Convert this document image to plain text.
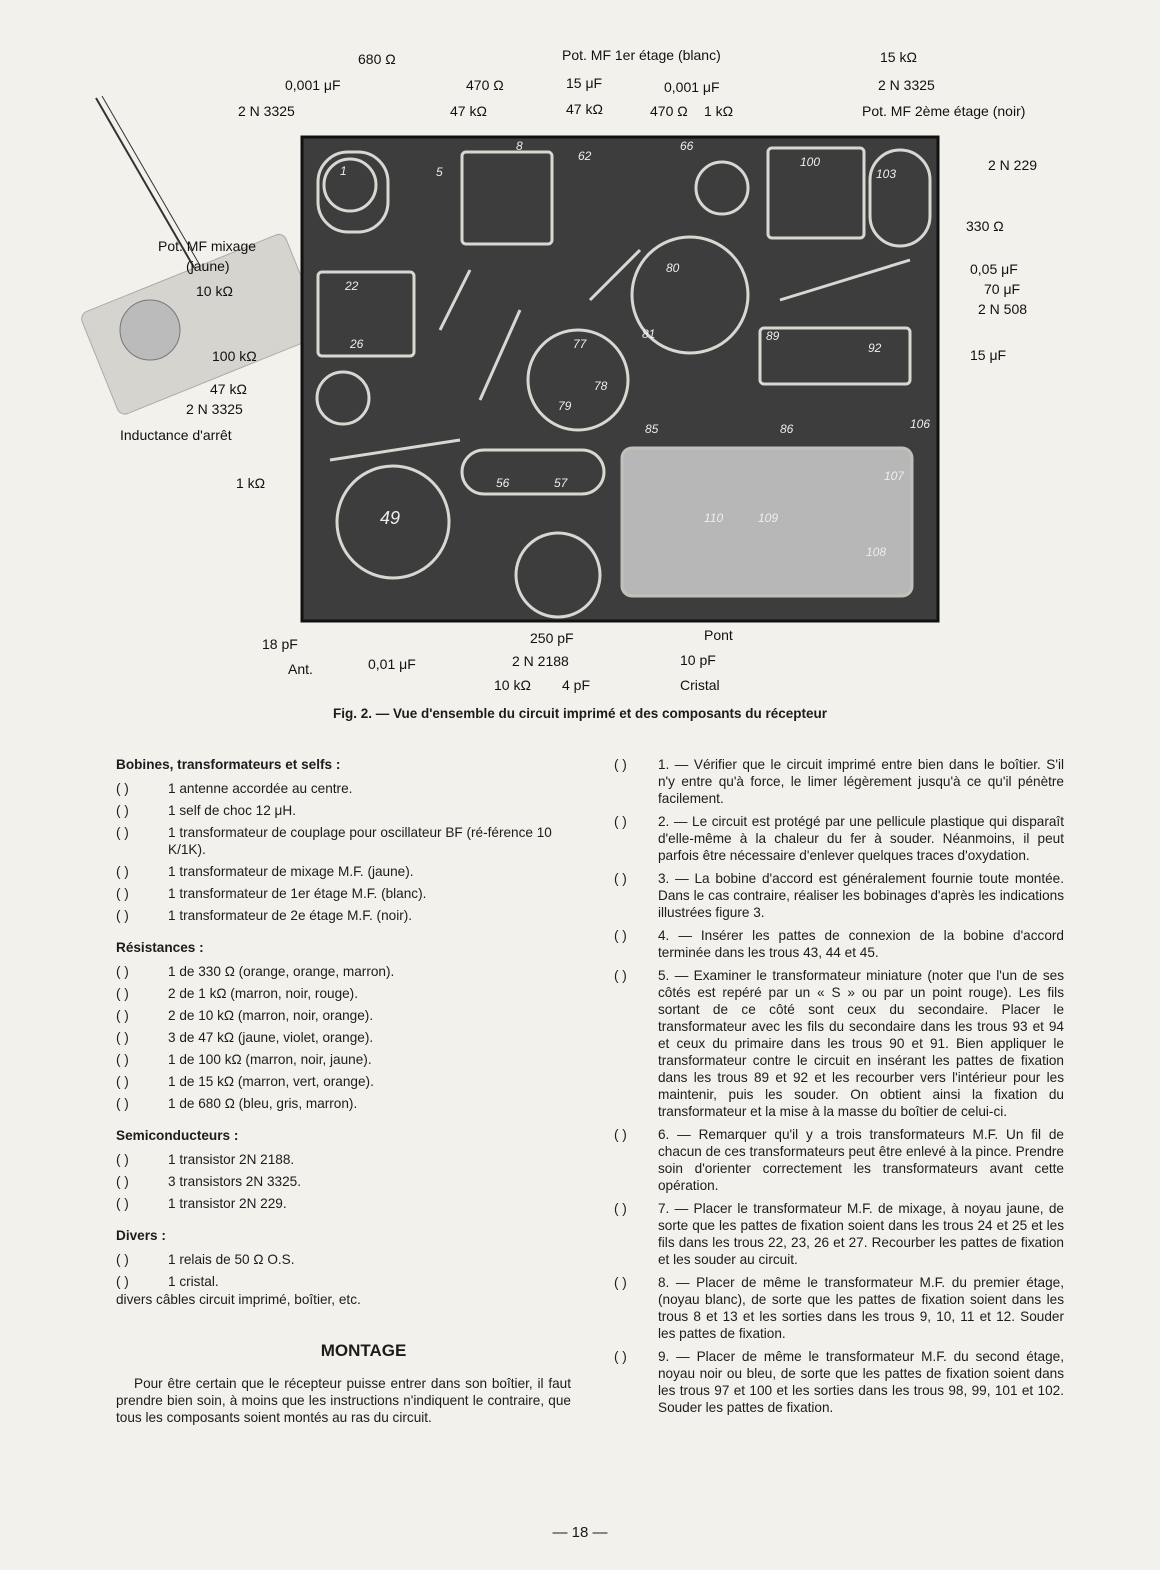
1	5
8
62
66
100
103
22
26
49
80
81
77
78
79
56	57
110	109
89
92
86
85
107
108
106
680 Ω
0,001 μF
2 N 3325
Pot. MF 1er étage (blanc)
470 Ω
47 kΩ
15 μF
47 kΩ
0,001 μF
470 Ω 1 kΩ
15 kΩ
2 N 3325
Pot. MF 2ème étage (noir)
2 N 229
Pot. MF mixage
(jaune)
330 Ω
10 kΩ
0,05 μF
70 μF
2 N 508
100 kΩ	15 μF
47 kΩ
2 N 3325
Inductance d'arrêt
1 kΩ
18 pF
Ant.	0,01 μF
250 pF
2 N 2188
10 kΩ 4 pF
Pont
10 pF
Cristal
Fig. 2. — Vue d'ensemble du circuit imprimé et des composants du récepteur
Bobines, transformateurs et selfs :
( )	1 antenne accordée au centre.
( )	1 self de choc 12 μH.
( )	1 transformateur de couplage pour oscillateur BF (ré-férence 10 K/1K).
( )	1 transformateur de mixage M.F. (jaune).
( )	1 transformateur de 1er étage M.F. (blanc).
( )	1 transformateur de 2e étage M.F. (noir).
Résistances :
( )	1 de 330 Ω (orange, orange, marron).
( )	2 de 1 kΩ (marron, noir, rouge).
( )	2 de 10 kΩ (marron, noir, orange).
( )	3 de 47 kΩ (jaune, violet, orange).
( )	1 de 100 kΩ (marron, noir, jaune).
( )	1 de 15 kΩ (marron, vert, orange).
( )	1 de 680 Ω (bleu, gris, marron).
Semiconducteurs :
( )	1 transistor 2N 2188.
( )	3 transistors 2N 3325.
( )	1 transistor 2N 229.
Divers :
( )	1 relais de 50 Ω O.S.
( )	1 cristal.
divers câbles circuit imprimé, boîtier, etc.
MONTAGE
Pour être certain que le récepteur puisse entrer dans son boîtier, il faut prendre bien soin, à moins que les instructions n'indiquent le contraire, que tous les composants soient montés au ras du circuit.
( )	1. — Vérifier que le circuit imprimé entre bien dans le boîtier. S'il n'y entre qu'à force, le limer légèrement jusqu'à ce qu'il pénètre facilement.
( )	2. — Le circuit est protégé par une pellicule plastique qui disparaît d'elle-même à la chaleur du fer à souder. Néanmoins, il peut parfois être nécessaire d'enlever quelques traces d'oxydation.
( )	3. — La bobine d'accord est généralement fournie toute montée. Dans le cas contraire, réaliser les bobinages d'après les indications illustrées figure 3.
( )	4. — Insérer les pattes de connexion de la bobine d'accord terminée dans les trous 43, 44 et 45.
( )	5. — Examiner le transformateur miniature (noter que l'un de ses côtés est repéré par un « S » ou par un point rouge). Les fils sortant de ce côté sont ceux du secondaire. Placer le transformateur avec les fils du secondaire dans les trous 93 et 94 et ceux du primaire dans les trous 90 et 91. Bien appliquer le transformateur contre le circuit en insérant les pattes de fixation dans les trous 89 et 92 et les recourber vers l'intérieur pour les maintenir, puis les souder. On obtient ainsi la fixation du transformateur et la mise à la masse du boîtier de celui-ci.
( )	6. — Remarquer qu'il y a trois transformateurs M.F. Un fil de chacun de ces transformateurs peut être enlevé à la pince. Prendre soin d'orienter correctement les transformateurs avant cette opération.
( )	7. — Placer le transformateur M.F. de mixage, à noyau jaune, de sorte que les pattes de fixation soient dans les trous 24 et 25 et les fils dans les trous 22, 23, 26 et 27. Recourber les pattes de fixation et les souder au circuit.
( )	8. — Placer de même le transformateur M.F. du premier étage, (noyau blanc), de sorte que les pattes de fixation soient dans les trous 8 et 13 et les sorties dans les trous 9, 10, 11 et 12. Souder les pattes de fixation.
( )	9. — Placer de même le transformateur M.F. du second étage, noyau noir ou bleu, de sorte que les pattes de fixation soient dans les trous 97 et 100 et les sorties dans les trous 98, 99, 101 et 102. Souder les pattes de fixation.
— 18 —
